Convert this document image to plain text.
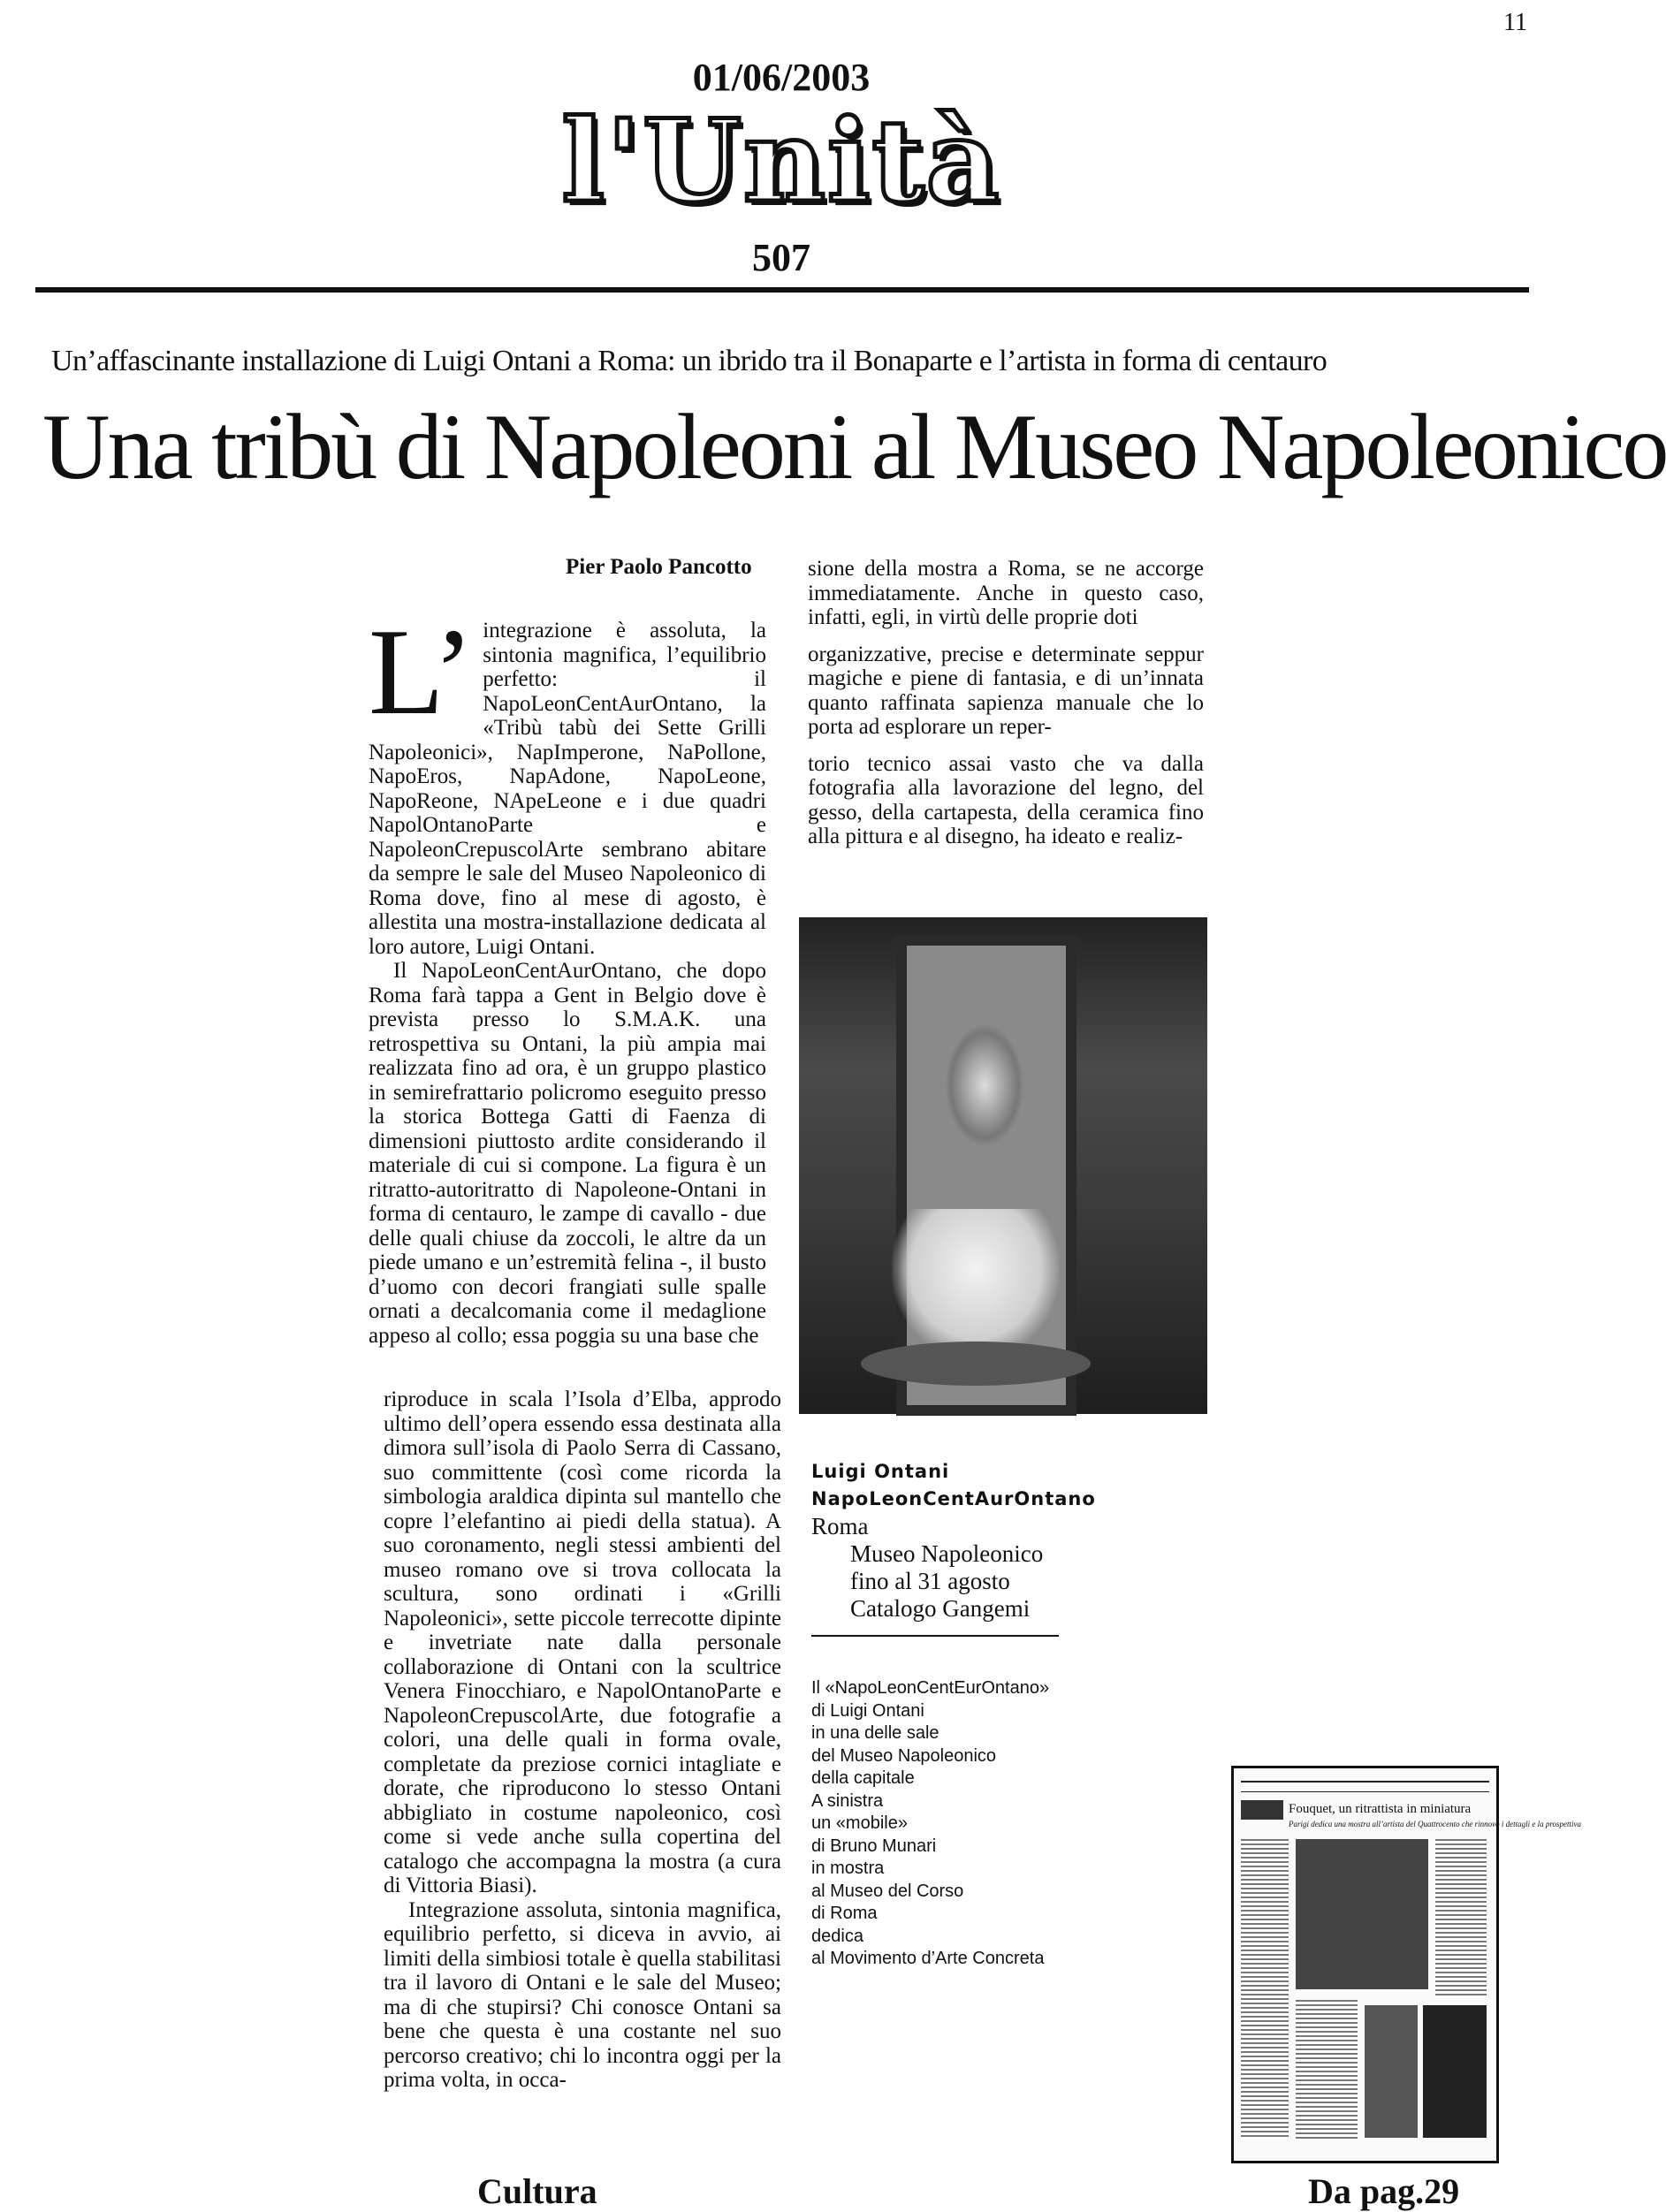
11
01/06/2003
l'Unità
507
Un’affascinante installazione di Luigi Ontani a Roma: un ibrido tra il Bonaparte e l’artista in forma di centauro
Una tribù di Napoleoni al Museo Napoleonico
Pier Paolo Pancotto

L’ integrazione è assoluta, la sintonia magnifica, l’equilibrio perfetto: il NapoLeonCentAurOntano, la «Tribù tabù dei Sette Grilli Napoleonici», NapImperone, NaPollone, NapoEros, NapAdone, NapoLeone, NapoReone, NApeLeone e i due quadri NapolOntanoParte e NapoleonCrepuscolArte sembrano abitare da sempre le sale del Museo Napoleonico di Roma dove, fino al mese di agosto, è allestita una mostra-installazione dedicata al loro autore, Luigi Ontani.

Il NapoLeonCentAurOntano, che dopo Roma farà tappa a Gent in Belgio dove è prevista presso lo S.M.A.K. una retrospettiva su Ontani, la più ampia mai realizzata fino ad ora, è un gruppo plastico in semirefrattario policromo eseguito presso la storica Bottega Gatti di Faenza di dimensioni piuttosto ardite considerando il materiale di cui si compone. La figura è un ritratto-autoritratto di Napoleone-Ontani in forma di centauro, le zampe di cavallo - due delle quali chiuse da zoccoli, le altre da un piede umano e un’estremità felina -, il busto d’uomo con decori frangiati sulle spalle ornati a decalcomania come il medaglione appeso al collo; essa poggia su una base che

riproduce in scala l’Isola d’Elba, approdo ultimo dell’opera essendo essa destinata alla dimora sull’isola di Paolo Serra di Cassano, suo committente (così come ricorda la simbologia araldica dipinta sul mantello che copre l’elefantino ai piedi della statua). A suo coronamento, negli stessi ambienti del museo romano ove si trova collocata la scultura, sono ordinati i «Grilli Napoleonici», sette piccole terrecotte dipinte e invetriate nate dalla personale collaborazione di Ontani con la scultrice Venera Finocchiaro, e NapolOntanoParte e NapoleonCrepuscolArte, due fotografie a colori, una delle quali in forma ovale, completate da preziose cornici intagliate e dorate, che riproducono lo stesso Ontani abbigliato in costume napoleonico, così come si vede anche sulla copertina del catalogo che accompagna la mostra (a cura di Vittoria Biasi).

Integrazione assoluta, sintonia magnifica, equilibrio perfetto, si diceva in avvio, ai limiti della simbiosi totale è quella stabilitasi tra il lavoro di Ontani e le sale del Museo; ma di che stupirsi? Chi conosce Ontani sa bene che questa è una costante nel suo percorso creativo; chi lo incontra oggi per la prima volta, in occa-

sione della mostra a Roma, se ne accorge immediatamente. Anche in questo caso, infatti, egli, in virtù delle proprie doti

organizzative, precise e determinate seppur magiche e piene di fantasia, e di un’innata quanto raffinata sapienza manuale che lo porta ad esplorare un reper-

torio tecnico assai vasto che va dalla fotografia alla lavorazione del legno, del gesso, della cartapesta, della ceramica fino alla pittura e al disegno, ha ideato e realiz-

Luigi Ontani
NapoLeonCentAurOntano
Roma
Museo Napoleonico
fino al 31 agosto
Catalogo Gangemi
Il «NapoLeonCentEurOntano»
di Luigi Ontani
in una delle sale
del Museo Napoleonico
della capitale
A sinistra
un «mobile»
di Bruno Munari
in mostra
al Museo del Corso
di Roma
dedica
al Movimento d’Arte Concreta
Fouquet, un ritrattista in miniatura
Parigi dedica una mostra all’artista del Quattrocento che rinnovò i dettagli e la prospettiva
Cultura	Da pag.29
